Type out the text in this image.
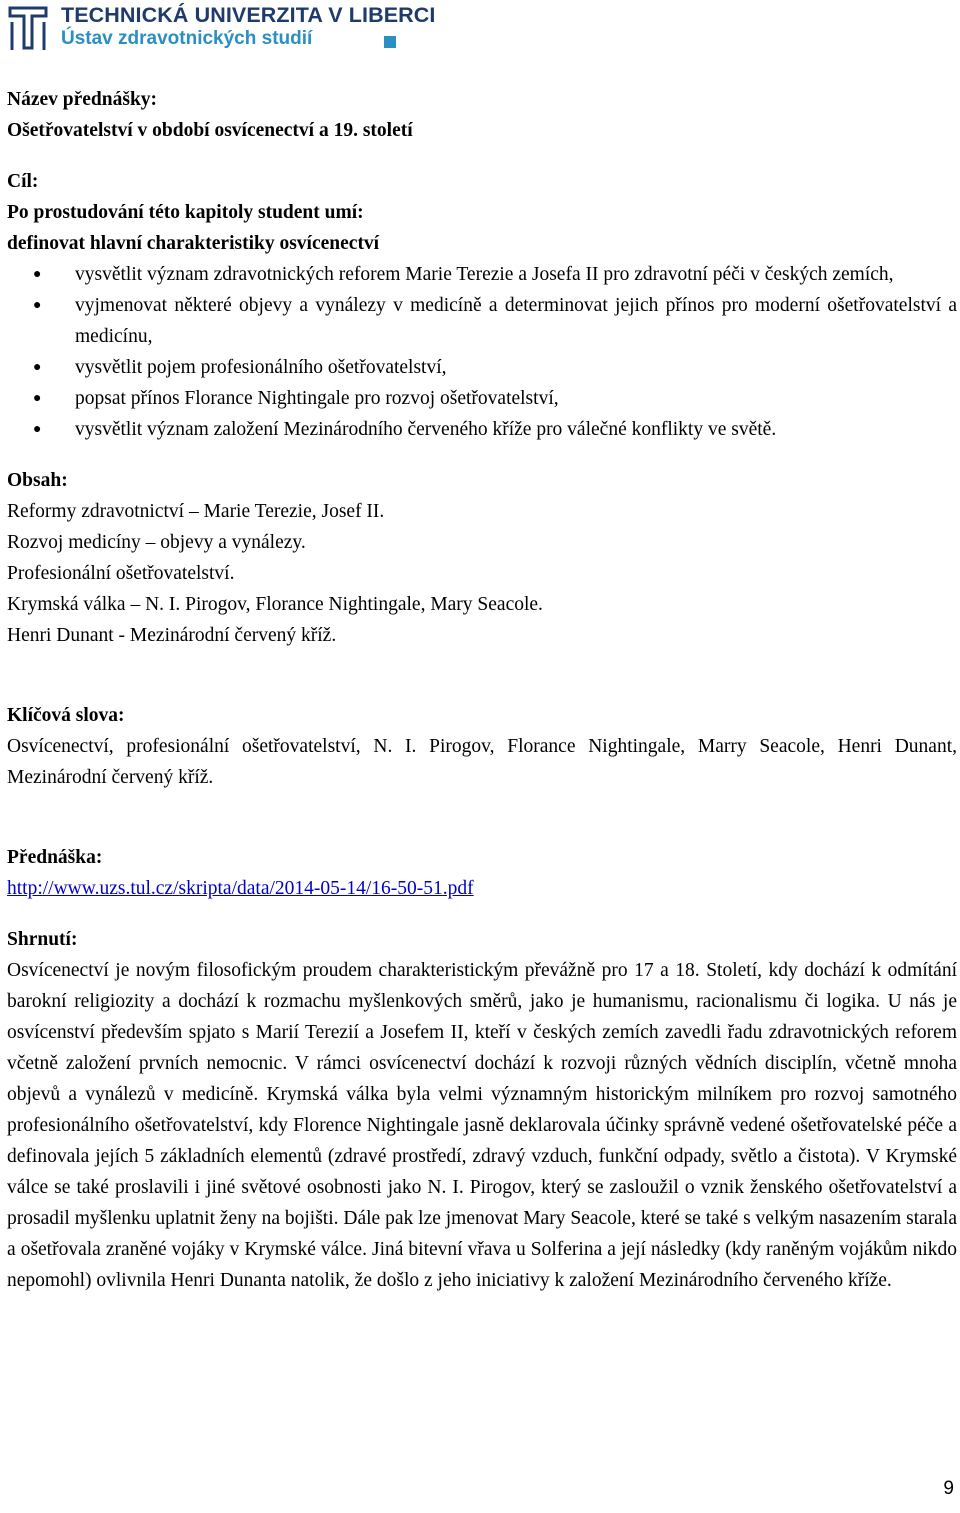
TECHNICKÁ UNIVERZITA V LIBERCI
Ústav zdravotnických studií

Název přednášky:

Ošetřovatelství v období osvícenectví a 19. století

Cíl:

Po prostudování této kapitoly student umí:

definovat hlavní charakteristiky osvícenectví

● vysvětlit význam zdravotnických reforem Marie Terezie a Josefa II pro zdravotní péči v českých zemích,
● vyjmenovat některé objevy a vynálezy v medicíně a determinovat jejich přínos pro moderní ošetřovatelství a medicínu,
● vysvětlit pojem profesionálního ošetřovatelství,
● popsat přínos Florance Nightingale pro rozvoj ošetřovatelství,
● vysvětlit význam založení Mezinárodního červeného kříže pro válečné konflikty ve světě.

Obsah:

Reformy zdravotnictví – Marie Terezie, Josef II.

Rozvoj medicíny – objevy a vynálezy.

Profesionální ošetřovatelství.

Krymská válka – N. I. Pirogov, Florance Nightingale, Mary Seacole.

Henri Dunant - Mezinárodní červený kříž.

Klíčová slova:

Osvícenectví, profesionální ošetřovatelství, N. I. Pirogov, Florance Nightingale, Marry Seacole, Henri Dunant, Mezinárodní červený kříž.

Přednáška:

http://www.uzs.tul.cz/skripta/data/2014-05-14/16-50-51.pdf

Shrnutí:

Osvícenectví je novým filosofickým proudem charakteristickým převážně pro 17 a 18. Století, kdy dochází k odmítání barokní religiozity a dochází k rozmachu myšlenkových směrů, jako je humanismu, racionalismu či logika. U nás je osvícenství především spjato s Marií Terezií a Josefem II, kteří v českých zemích zavedli řadu zdravotnických reforem včetně založení prvních nemocnic. V rámci osvícenectví dochází k rozvoji různých vědních disciplín, včetně mnoha objevů a vynálezů v medicíně. Krymská válka byla velmi významným historickým milníkem pro rozvoj samotného profesionálního ošetřovatelství, kdy Florence Nightingale jasně deklarovala účinky správně vedené ošetřovatelské péče a definovala jejích 5 základních elementů (zdravé prostředí, zdravý vzduch, funkční odpady, světlo a čistota). V Krymské válce se také proslavili i jiné světové osobnosti jako N. I. Pirogov, který se zasloužil o vznik ženského ošetřovatelství a prosadil myšlenku uplatnit ženy na bojišti. Dále pak lze jmenovat Mary Seacole, které se také s velkým nasazením starala a ošetřovala zraněné vojáky v Krymské válce. Jiná bitevní vřava u Solferina a její následky (kdy raněným vojákům nikdo nepomohl) ovlivnila Henri Dunanta natolik, že došlo z jeho iniciativy k založení Mezinárodního červeného kříže.

9
